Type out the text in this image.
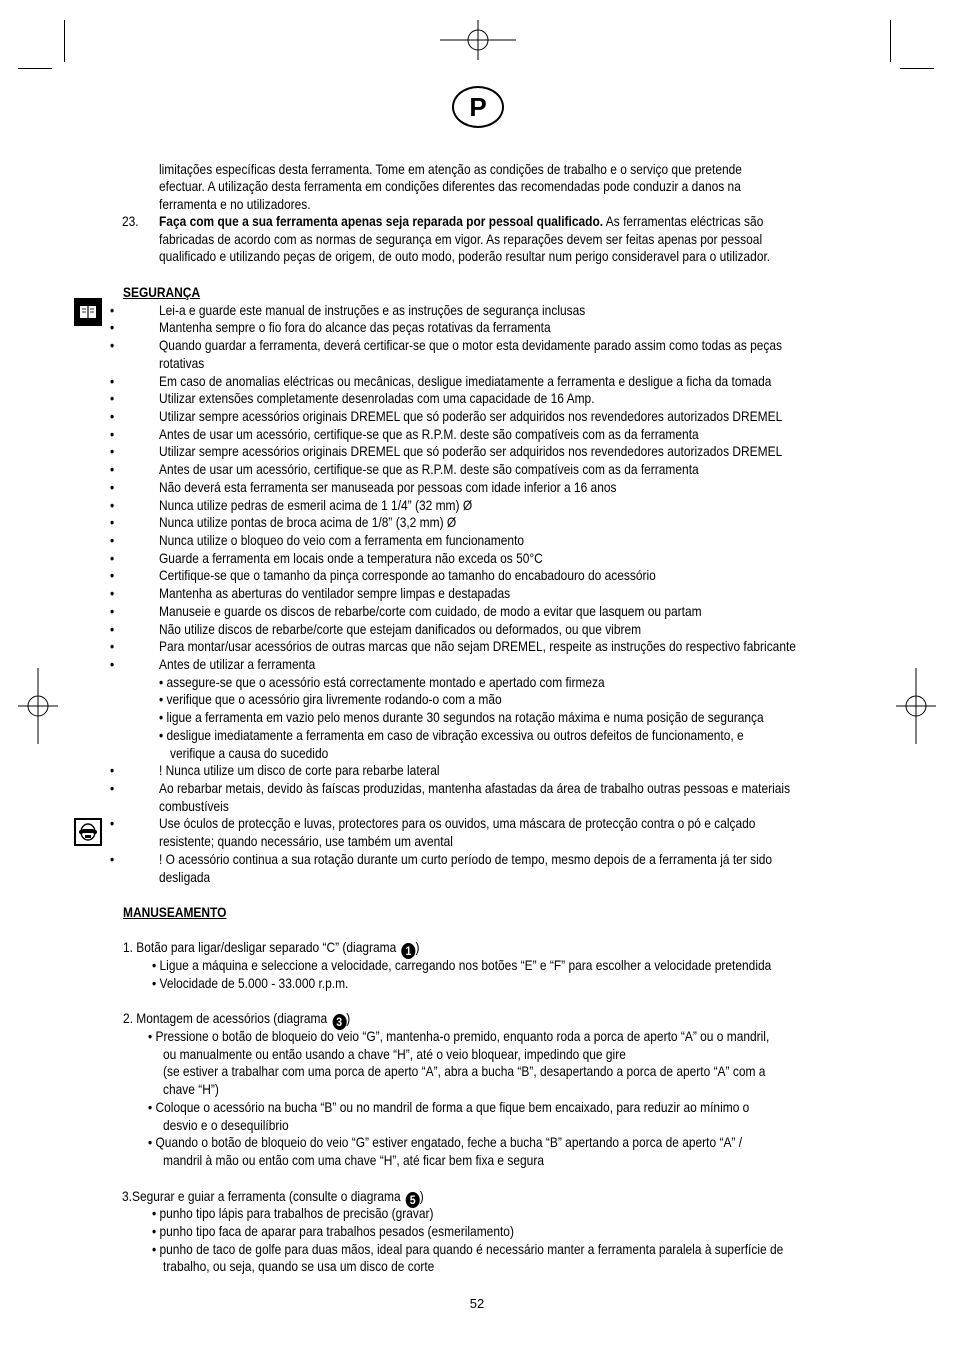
P
limitações específicas desta ferramenta. Tome em atenção as condições de trabalho e o serviço que pretende
efectuar. A utilização desta ferramenta em condições diferentes das recomendadas pode conduzir a danos na
ferramenta e no utilizadores.
23. Faça com que a sua ferramenta apenas seja reparada por pessoal qualificado. As ferramentas eléctricas são
fabricadas de acordo com as normas de segurança em vigor. As reparações devem ser feitas apenas por pessoal
qualificado e utilizando peças de origem, de outo modo, poderão resultar num perigo consideravel para o utilizador.
SEGURANÇA
•	Lei-a e guarde este manual de instruções e as instruções de segurança inclusas
•	Mantenha sempre o fio fora do alcance das peças rotativas da ferramenta
•	Quando guardar a ferramenta, deverá certificar-se que o motor esta devidamente parado assim como todas as peças
rotativas
•	Em caso de anomalias eléctricas ou mecânicas, desligue imediatamente a ferramenta e desligue a ficha da tomada
•	Utilizar extensões completamente desenroladas com uma capacidade de 16 Amp.
•	Utilizar sempre acessórios originais DREMEL que só poderão ser adquiridos nos revendedores autorizados DREMEL
•	Antes de usar um acessório, certifique-se que as R.P.M. deste são compatíveis com as da ferramenta
•	Utilizar sempre acessórios originais DREMEL que só poderão ser adquiridos nos revendedores autorizados DREMEL
•	Antes de usar um acessório, certifique-se que as R.P.M. deste são compatíveis com as da ferramenta
•	Não deverá esta ferramenta ser manuseada por pessoas com idade inferior a 16 anos
•	Nunca utilize pedras de esmeril acima de 1 1/4” (32 mm) Ø
•	Nunca utilize pontas de broca acima de 1/8” (3,2 mm) Ø
•	Nunca utilize o bloqueo do veio com a ferramenta em funcionamento
•	Guarde a ferramenta em locais onde a temperatura não exceda os 50°C
•	Certifique-se que o tamanho da pinça corresponde ao tamanho do encabadouro do acessório
•	Mantenha as aberturas do ventilador sempre limpas e destapadas
•	Manuseie e guarde os discos de rebarbe/corte com cuidado, de modo a evitar que lasquem ou partam
•	Não utilize discos de rebarbe/corte que estejam danificados ou deformados, ou que vibrem
•	Para montar/usar acessórios de outras marcas que não sejam DREMEL, respeite as instruções do respectivo fabricante
•	Antes de utilizar a ferramenta
• assegure-se que o acessório está correctamente montado e apertado com firmeza
• verifique que o acessório gira livremente rodando-o com a mão
• ligue a ferramenta em vazio pelo menos durante 30 segundos na rotação máxima e numa posição de segurança
• desligue imediatamente a ferramenta em caso de vibração excessiva ou outros defeitos de funcionamento, e
verifique a causa do sucedido
•	! Nunca utilize um disco de corte para rebarbe lateral
•	Ao rebarbar metais, devido às faíscas produzidas, mantenha afastadas da área de trabalho outras pessoas e materiais
combustíveis
•	Use óculos de protecção e luvas, protectores para os ouvidos, uma máscara de protecção contra o pó e calçado
resistente; quando necessário, use também um avental
•	! O acessório continua a sua rotação durante um curto período de tempo, mesmo depois de a ferramenta já ter sido
desligada
MANUSEAMENTO
1. Botão para ligar/desligar separado “C” (diagrama 1 )
• Ligue a máquina e seleccione a velocidade, carregando nos botões “E” e “F” para escolher a velocidade pretendida
• Velocidade de 5.000 - 33.000 r.p.m.
2. Montagem de acessórios (diagrama 3 )
• Pressione o botão de bloqueio do veio “G”, mantenha-o premido, enquanto roda a porca de aperto “A” ou o mandril,
ou manualmente ou então usando a chave “H”, até o veio bloquear, impedindo que gire
(se estiver a trabalhar com uma porca de aperto “A”, abra a bucha “B”, desapertando a porca de aperto “A” com a
chave “H”)
• Coloque o acessório na bucha “B” ou no mandril de forma a que fique bem encaixado, para reduzir ao mínimo o
desvio e o desequilíbrio
• Quando o botão de bloqueio do veio “G” estiver engatado, feche a bucha “B” apertando a porca de aperto “A” /
mandril à mão ou então com uma chave “H”, até ficar bem fixa e segura
3.Segurar e guiar a ferramenta (consulte o diagrama 5 )
• punho tipo lápis para trabalhos de precisão (gravar)
• punho tipo faca de aparar para trabalhos pesados (esmerilamento)
• punho de taco de golfe para duas mãos, ideal para quando é necessário manter a ferramenta paralela à superfície de
trabalho, ou seja, quando se usa um disco de corte
52
